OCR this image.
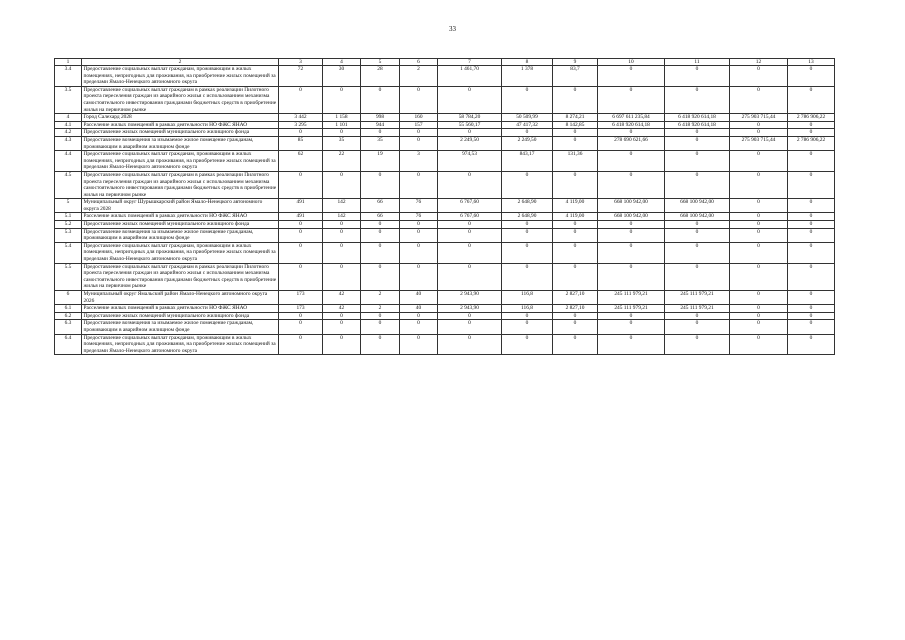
33
1	2	3	4	5	6	7	8	9	10	11	12	13
3.4	Предоставление социальных выплат гражданам, проживающим в жилых помещениях, непригодных для проживания, на приобретение жилых помещений за пределами Ямало-Ненецкого автономного округа	72	30	28	2	1 461,70	1 378	83,7	0	0	0	0
3.5	Предоставление социальных выплат гражданам в рамках реализации Пилотного проекта переселения граждан из аварийного жилья с использованием механизма самостоятельного инвестирования гражданами бюджетных средств в приобретение жилья на первичном рынке	0	0	0	0	0	0	0	0	0	0	0
4	Город Салехард 2028	3 442	1 158	998	160	58 784,20	50 509,99	8 274,21	6 697 611 235,84	6 418 920 614,18	275 903 715,44	2 786 906,22
4.1	Расселение жилых помещений в рамках деятельности НО ФЖС ЯНАО	3 295	1 101	944	157	55 560,17	47 417,32	8 142,85	6 418 920 614,18	6 418 920 614,18	0	0
4.2	Предоставление жилых помещений муниципального жилищного фонда	0	0	0	0	0	0	0	0	0	0	0
4.3	Предоставление возмещения за изымаемое жилое помещение гражданам, проживающим в аварийном жилищном фонде	85	35	35	0	2 249,50	2 249,50	0	278 690 621,66	0	275 903 715,44	2 786 906,22
4.4	Предоставление социальных выплат гражданам, проживающим в жилых помещениях, непригодных для проживания, на приобретение жилых помещений за пределами Ямало-Ненецкого автономного округа	62	22	19	3	974,53	843,17	131,36	0	0	0	0
4.5	Предоставление социальных выплат гражданам в рамках реализации Пилотного проекта переселения граждан из аварийного жилья с использованием механизма самостоятельного инвестирования гражданами бюджетных средств в приобретение жилья на первичном рынке	0	0	0	0	0	0	0	0	0	0	0
5	Муниципальный округ Шурышкарский район Ямало-Ненецкого автономного округа 2028	491	142	66	76	6 767,60	2 648,90	4 119,00	668 100 942,00	668 100 942,00	0	0
5.1	Расселение жилых помещений в рамках деятельности НО ФЖС ЯНАО	491	142	66	76	6 767,60	2 648,90	4 119,00	668 100 942,00	668 100 942,00	0	0
5.2	Предоставление жилых помещений муниципального жилищного фонда	0	0	0	0	0	0	0	0	0	0	0
5.3	Предоставление возмещения за изымаемое жилое помещение гражданам, проживающим в аварийном жилищном фонде	0	0	0	0	0	0	0	0	0	0	0
5.4	Предоставление социальных выплат гражданам, проживающим в жилых помещениях, непригодных для проживания, на приобретение жилых помещений за пределами Ямало-Ненецкого автономного округа	0	0	0	0	0	0	0	0	0	0	0
5.5	Предоставление социальных выплат гражданам в рамках реализации Пилотного проекта переселения граждан из аварийного жилья с использованием механизма самостоятельного инвестирования гражданами бюджетных средств в приобретение жилья на первичном рынке	0	0	0	0	0	0	0	0	0	0	0
6	Муниципальный округ Ямальский район Ямало-Ненецкого автономного округа 2026	173	42	2	40	2 943,90	116,8	2 827,10	245 111 979,21	245 111 979,21	0	0
6.1	Расселение жилых помещений в рамках деятельности НО ФЖС ЯНАО	173	42	2	40	2 943,90	116,8	2 827,10	245 111 979,21	245 111 979,21	0	0
6.2	Предоставление жилых помещений муниципального жилищного фонда	0	0	0	0	0	0	0	0	0	0	0
6.3	Предоставление возмещения за изымаемое жилое помещение гражданам, проживающим в аварийном жилищном фонде	0	0	0	0	0	0	0	0	0	0	0
6.4	Предоставление социальных выплат гражданам, проживающим в жилых помещениях, непригодных для проживания, на приобретение жилых помещений за пределами Ямало-Ненецкого автономного округа	0	0	0	0	0	0	0	0	0	0	0
